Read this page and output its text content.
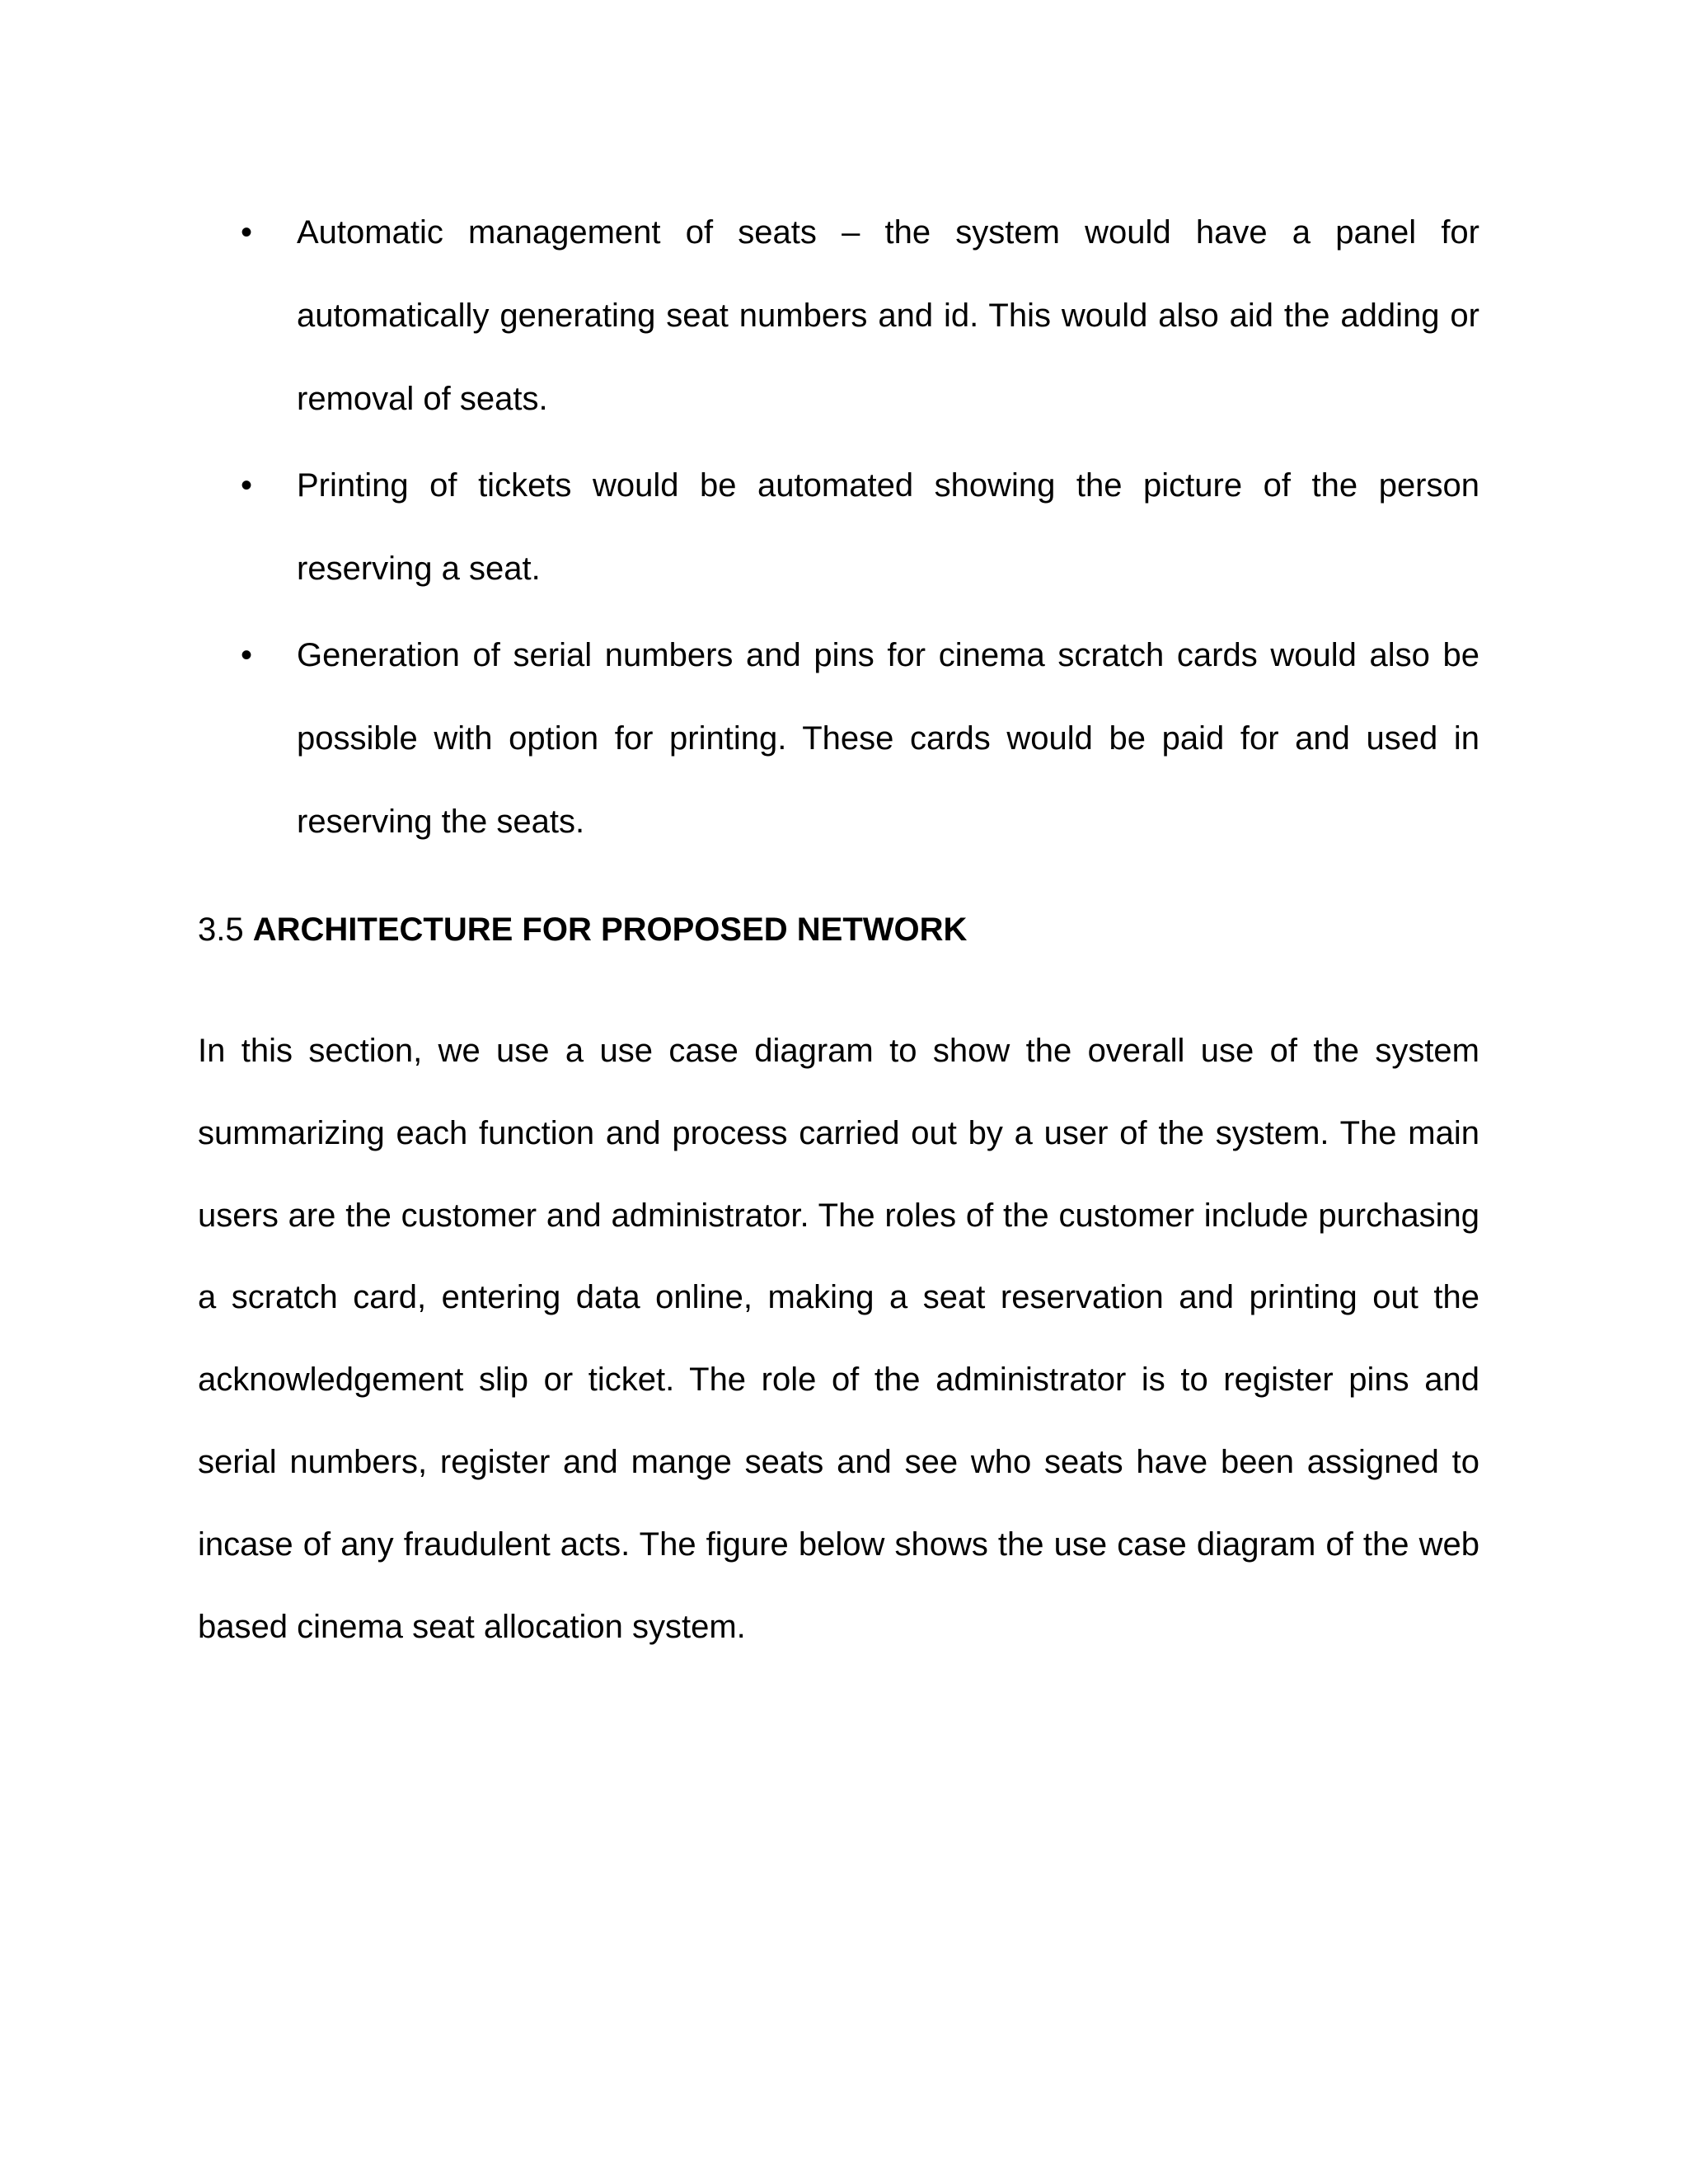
• Automatic management of seats – the system would have a panel for automatically generating seat numbers and id. This would also aid the adding or removal of seats.
• Printing of tickets would be automated showing the picture of the person reserving a seat.
• Generation of serial numbers and pins for cinema scratch cards would also be possible with option for printing. These cards would be paid for and used in reserving the seats.
3.5 ARCHITECTURE FOR PROPOSED NETWORK

In this section, we use a use case diagram to show the overall use of the system summarizing each function and process carried out by a user of the system. The main users are the customer and administrator. The roles of the customer include purchasing a scratch card, entering data online, making a seat reservation and printing out the acknowledgement slip or ticket. The role of the administrator is to register pins and serial numbers, register and mange seats and see who seats have been assigned to incase of any fraudulent acts. The figure below shows the use case diagram of the web based cinema seat allocation system.
